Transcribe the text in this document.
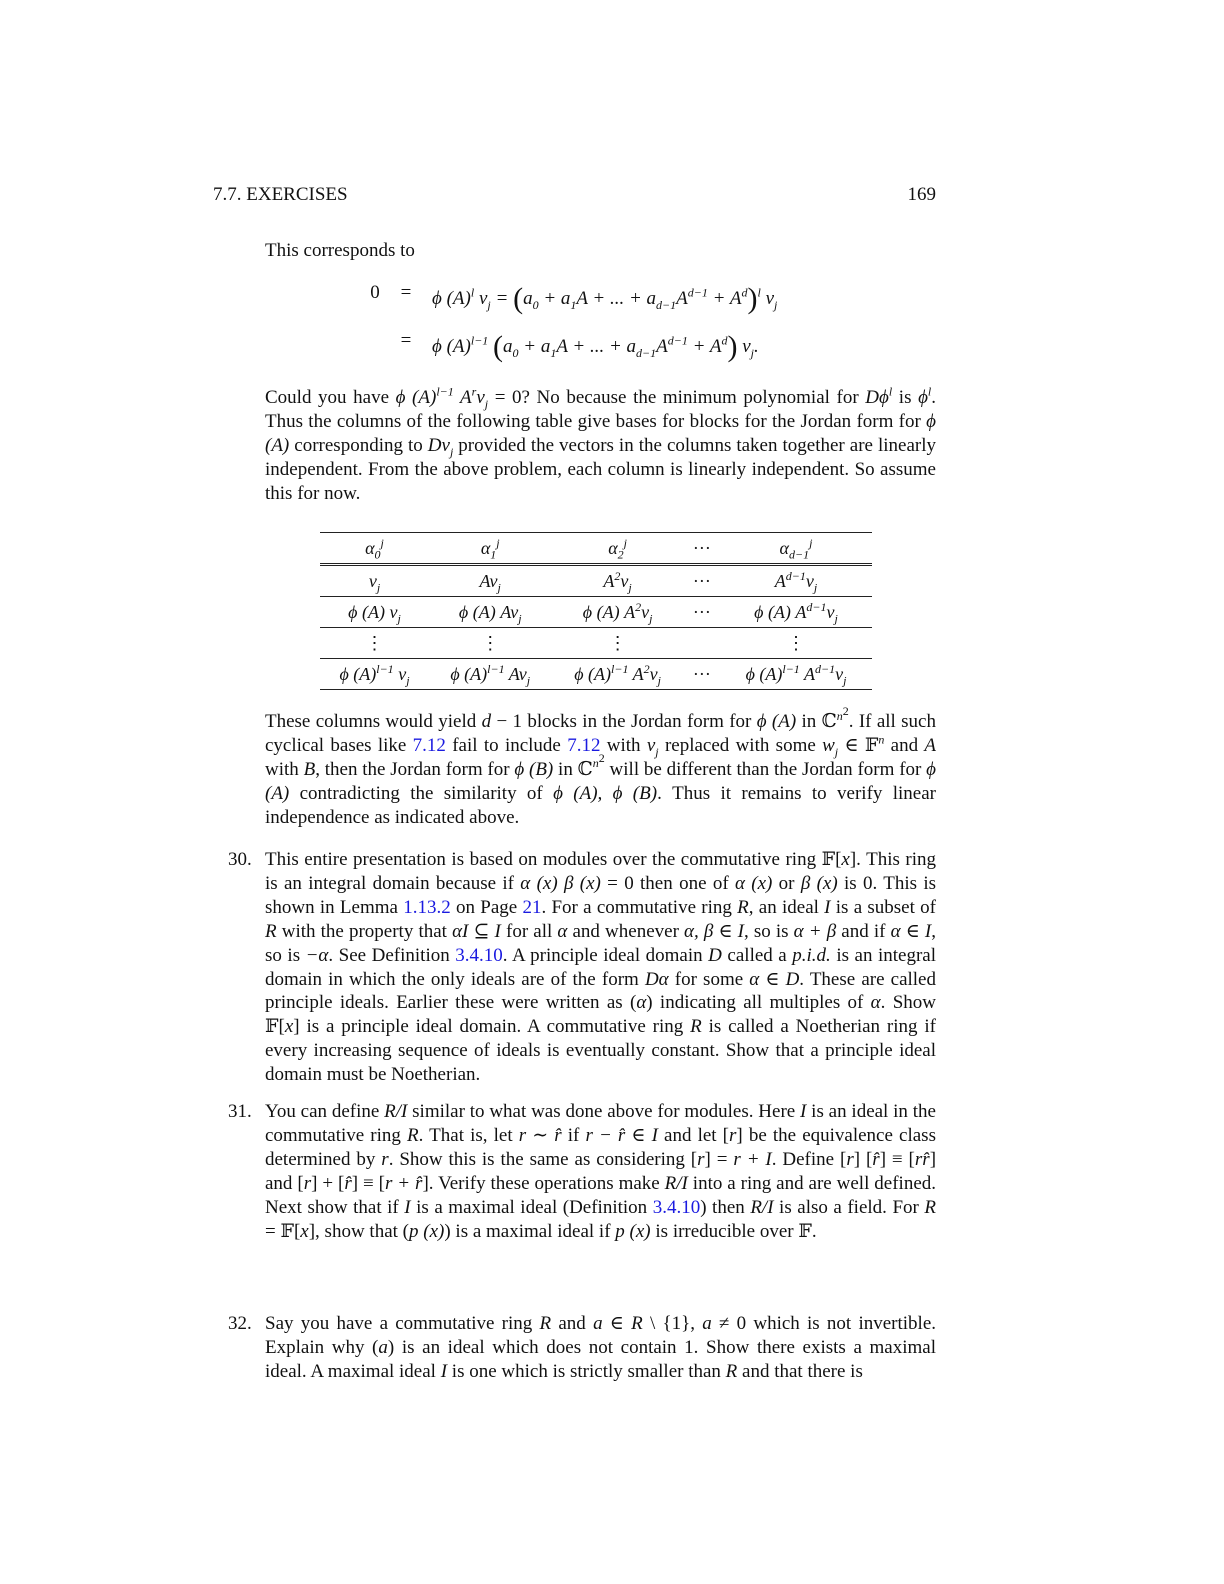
7.7. EXERCISES	169
This corresponds to
0	= ϕ $(A)^l$ $v_j = (a_0 + a_1A$ + ... + $a_{d-1}A^{d-1} + A^d)^l$ $v_j$
= ϕ $(A)^{l-1}$ ($a_0 + a_1A$ + ... + $a_{d-1}A^{d-1} + A^d$) $v_j$.
Could you have ϕ $(A)^{l-1}$ $A^rv_j = 0$? No because the minimum polynomial for $D\phi^l$ is $\phi^l$. Thus the columns of the following table give bases for blocks for the Jordan form for ϕ (A) corresponding to $Dv_j$ provided the vectors in the columns taken together are linearly independent. From the above problem, each column is linearly independent. So assume this for now.
$\alpha_0^j$	$\alpha_1^j$	$\alpha_2^j$	···	$\alpha_{d-1}^j$
$v_j$	$Av_j$	$A^2v_j$	···	$A^{d-1}v_j$
ϕ (A) $v_j$	ϕ (A) $Av_j$	ϕ (A) $A^2v_j$	···	ϕ (A) $A^{d-1}v_j$
⋮	⋮	⋮		⋮
ϕ $(A)^{l-1}$ $v_j$	ϕ $(A)^{l-1}$ $Av_j$	ϕ $(A)^{l-1}$ $A^2v_j$	···	ϕ $(A)^{l-1}$ $A^{d-1}v_j$
These columns would yield d − 1 blocks in the Jordan form for ϕ (A) in ℂ$^{n^2}$. If all such cyclical bases like 7.12 fail to include 7.12 with $v_j$ replaced with some $w_j$ ∈ 𝔽$^n$ and A with B, then the Jordan form for ϕ (B) in ℂ$^{n^2}$ will be different than the Jordan form for ϕ (A) contradicting the similarity of ϕ (A), ϕ (B). Thus it remains to verify linear independence as indicated above.
30. This entire presentation is based on modules over the commutative ring 𝔽[x]. This ring is an integral domain because if α (x) β (x) = 0 then one of α (x) or β (x) is 0. This is shown in Lemma 1.13.2 on Page 21. For a commutative ring R, an ideal I is a subset of R with the property that αI ⊆ I for all α and whenever α, β ∈ I, so is α + β and if α ∈ I, so is −α. See Definition 3.4.10. A principle ideal domain D called a p.i.d. is an integral domain in which the only ideals are of the form Dα for some α ∈ D. These are called principle ideals. Earlier these were written as (α) indicating all multiples of α. Show 𝔽[x] is a principle ideal domain. A commutative ring R is called a Noetherian ring if every increasing sequence of ideals is eventually constant. Show that a principle ideal domain must be Noetherian.
31. You can define R/I similar to what was done above for modules. Here I is an ideal in the commutative ring R. That is, let r ∼ r̂ if r − r̂ ∈ I and let [r] be the equivalence class determined by r. Show this is the same as considering [r] = r + I. Define [r] [r̂] ≡ [rr̂] and [r] + [r̂] ≡ [r + r̂]. Verify these operations make R/I into a ring and are well defined. Next show that if I is a maximal ideal (Definition 3.4.10) then R/I is also a field. For R = 𝔽[x], show that (p (x)) is a maximal ideal if p (x) is irreducible over 𝔽.
32. Say you have a commutative ring R and a ∈ R \ {1}, a ≠ 0 which is not invertible. Explain why (a) is an ideal which does not contain 1. Show there exists a maximal ideal. A maximal ideal I is one which is strictly smaller than R and that there is
